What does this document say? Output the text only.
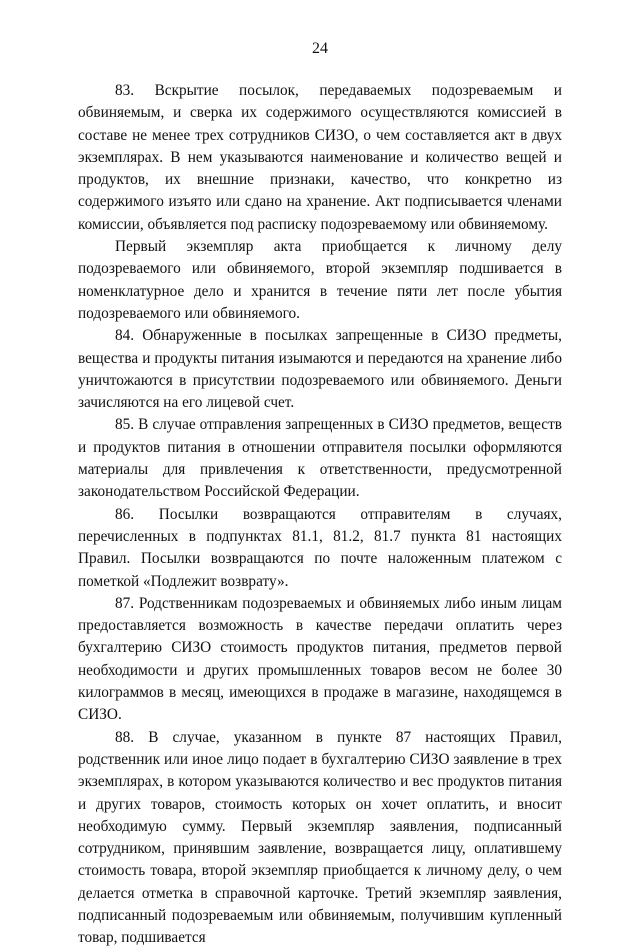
24

83. Вскрытие посылок, передаваемых подозреваемым и обвиняемым, и сверка их содержимого осуществляются комиссией в составе не менее трех сотрудников СИЗО, о чем составляется акт в двух экземплярах. В нем указываются наименование и количество вещей и продуктов, их внешние признаки, качество, что конкретно из содержимого изъято или сдано на хранение. Акт подписывается членами комиссии, объявляется под расписку подозреваемому или обвиняемому.

Первый экземпляр акта приобщается к личному делу подозреваемого или обвиняемого, второй экземпляр подшивается в номенклатурное дело и хранится в течение пяти лет после убытия подозреваемого или обвиняемого.

84. Обнаруженные в посылках запрещенные в СИЗО предметы, вещества и продукты питания изымаются и передаются на хранение либо уничтожаются в присутствии подозреваемого или обвиняемого. Деньги зачисляются на его лицевой счет.

85. В случае отправления запрещенных в СИЗО предметов, веществ и продуктов питания в отношении отправителя посылки оформляются материалы для привлечения к ответственности, предусмотренной законодательством Российской Федерации.

86. Посылки возвращаются отправителям в случаях, перечисленных в подпунктах 81.1, 81.2, 81.7 пункта 81 настоящих Правил. Посылки возвращаются по почте наложенным платежом с пометкой «Подлежит возврату».

87. Родственникам подозреваемых и обвиняемых либо иным лицам предоставляется возможность в качестве передачи оплатить через бухгалтерию СИЗО стоимость продуктов питания, предметов первой необходимости и других промышленных товаров весом не более 30 килограммов в месяц, имеющихся в продаже в магазине, находящемся в СИЗО.

88. В случае, указанном в пункте 87 настоящих Правил, родственник или иное лицо подает в бухгалтерию СИЗО заявление в трех экземплярах, в котором указываются количество и вес продуктов питания и других товаров, стоимость которых он хочет оплатить, и вносит необходимую сумму. Первый экземпляр заявления, подписанный сотрудником, принявшим заявление, возвращается лицу, оплатившему стоимость товара, второй экземпляр приобщается к личному делу, о чем делается отметка в справочной карточке. Третий экземпляр заявления, подписанный подозреваемым или обвиняемым, получившим купленный товар, подшивается
